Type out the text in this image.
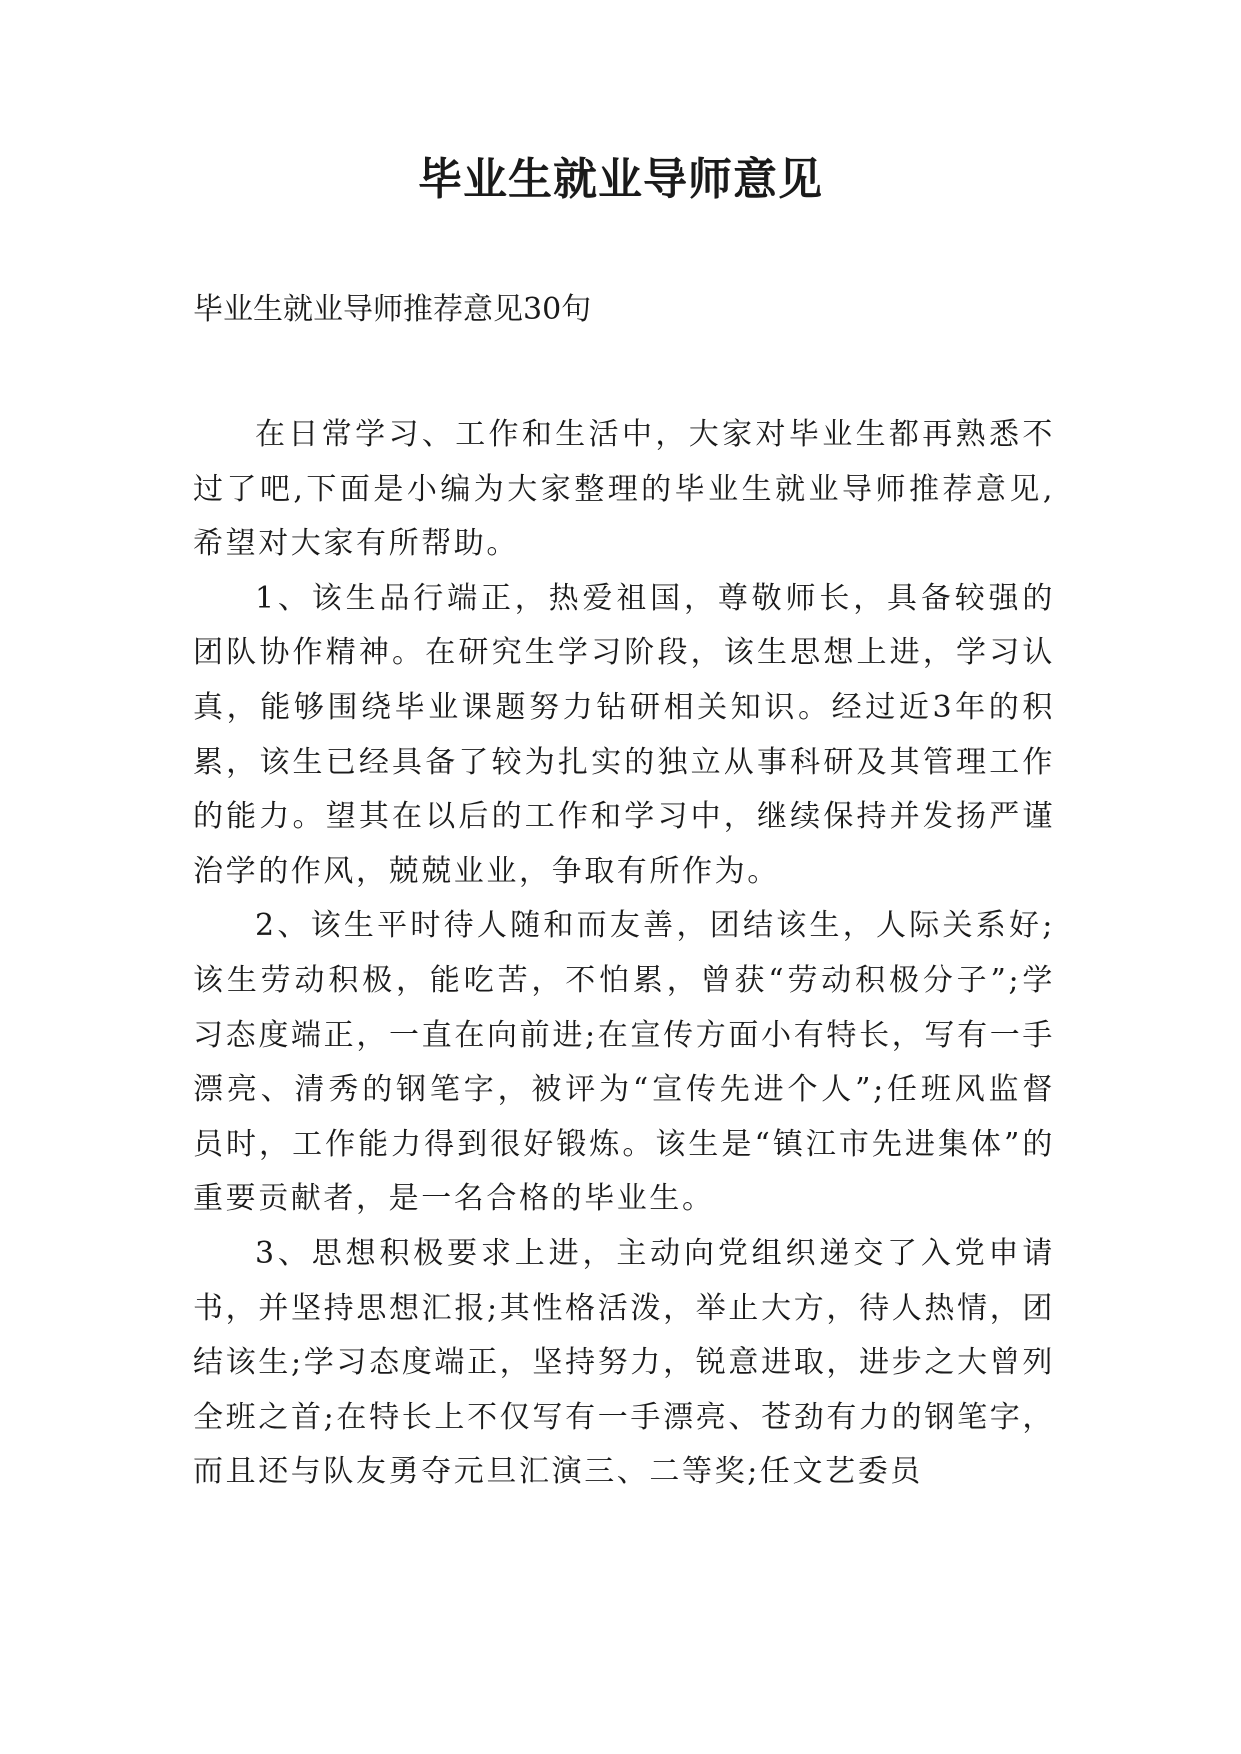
毕业生就业导师意见

毕业生就业导师推荐意见30句

在日常学习、工作和生活中，大家对毕业生都再熟悉不过了吧,下面是小编为大家整理的毕业生就业导师推荐意见,希望对大家有所帮助。

1、该生品行端正，热爱祖国，尊敬师长，具备较强的团队协作精神。在研究生学习阶段，该生思想上进，学习认真，能够围绕毕业课题努力钻研相关知识。经过近3年的积累，该生已经具备了较为扎实的独立从事科研及其管理工作的能力。望其在以后的工作和学习中，继续保持并发扬严谨治学的作风，兢兢业业，争取有所作为。

2、该生平时待人随和而友善，团结该生，人际关系好;该生劳动积极，能吃苦，不怕累，曾获“劳动积极分子”;学习态度端正，一直在向前进;在宣传方面小有特长，写有一手漂亮、清秀的钢笔字，被评为“宣传先进个人”;任班风监督员时，工作能力得到很好锻炼。该生是“镇江市先进集体”的重要贡献者，是一名合格的毕业生。

3、思想积极要求上进，主动向党组织递交了入党申请书，并坚持思想汇报;其性格活泼，举止大方，待人热情，团结该生;学习态度端正，坚持努力，锐意进取，进步之大曾列全班之首;在特长上不仅写有一手漂亮、苍劲有力的钢笔字，而且还与队友勇夺元旦汇演三、二等奖;任文艺委员
